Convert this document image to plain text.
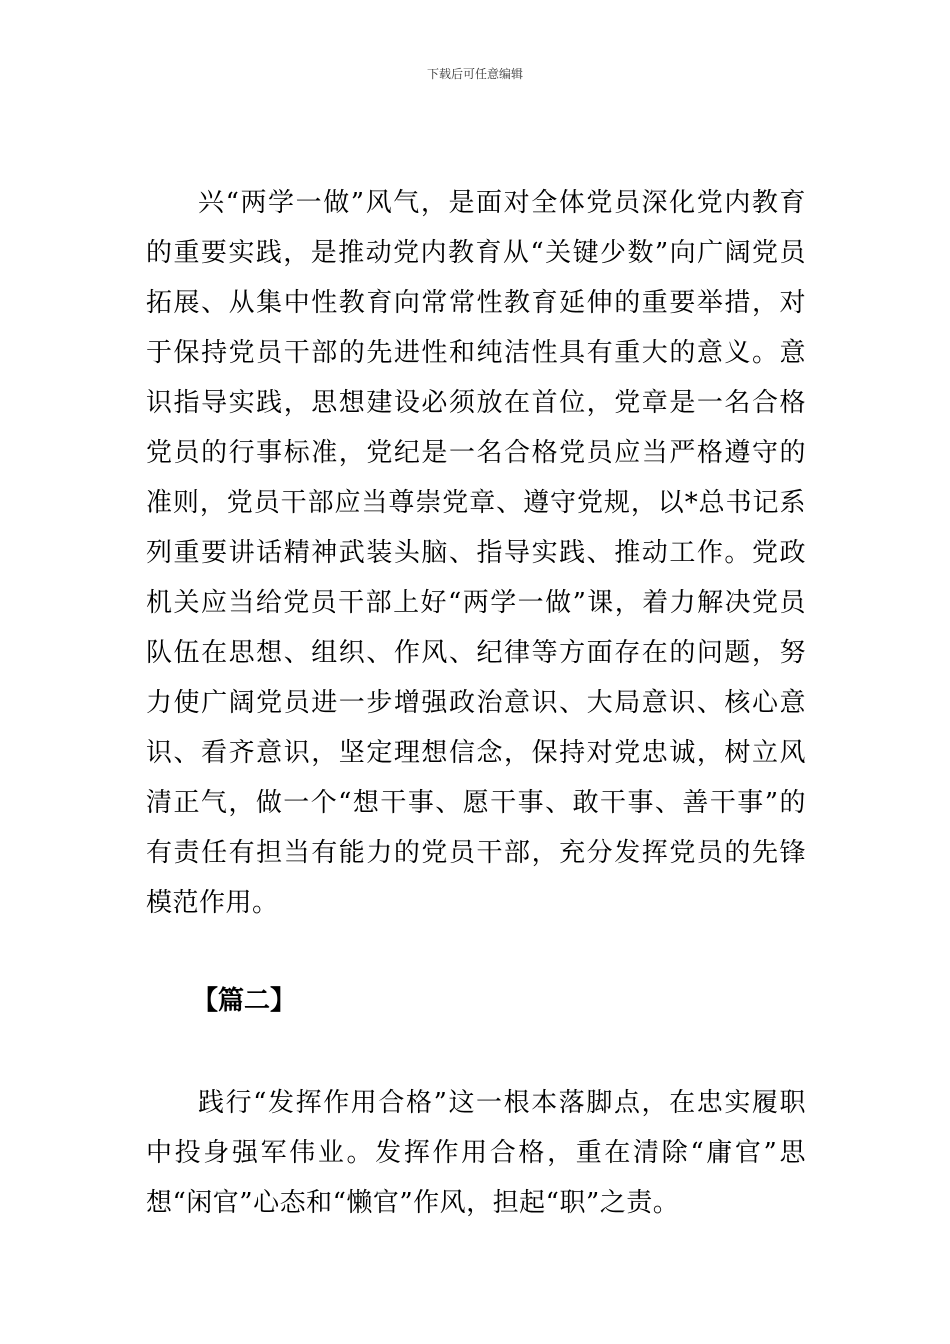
下载后可任意编辑

兴“两学一做”风气，是面对全体党员深化党内教育的重要实践，是推动党内教育从“关键少数”向广阔党员拓展、从集中性教育向常常性教育延伸的重要举措，对于保持党员干部的先进性和纯洁性具有重大的意义。意识指导实践，思想建设必须放在首位，党章是一名合格党员的行事标准，党纪是一名合格党员应当严格遵守的准则，党员干部应当尊崇党章、遵守党规，以*总书记系列重要讲话精神武装头脑、指导实践、推动工作。党政机关应当给党员干部上好“两学一做”课，着力解决党员队伍在思想、组织、作风、纪律等方面存在的问题，努力使广阔党员进一步增强政治意识、大局意识、核心意识、看齐意识，坚定理想信念，保持对党忠诚，树立风清正气，做一个“想干事、愿干事、敢干事、善干事”的有责任有担当有能力的党员干部，充分发挥党员的先锋模范作用。

【篇二】

践行“发挥作用合格”这一根本落脚点，在忠实履职中投身强军伟业。发挥作用合格，重在清除“庸官”思想“闲官”心态和“懒官”作风，担起“职”之责。
